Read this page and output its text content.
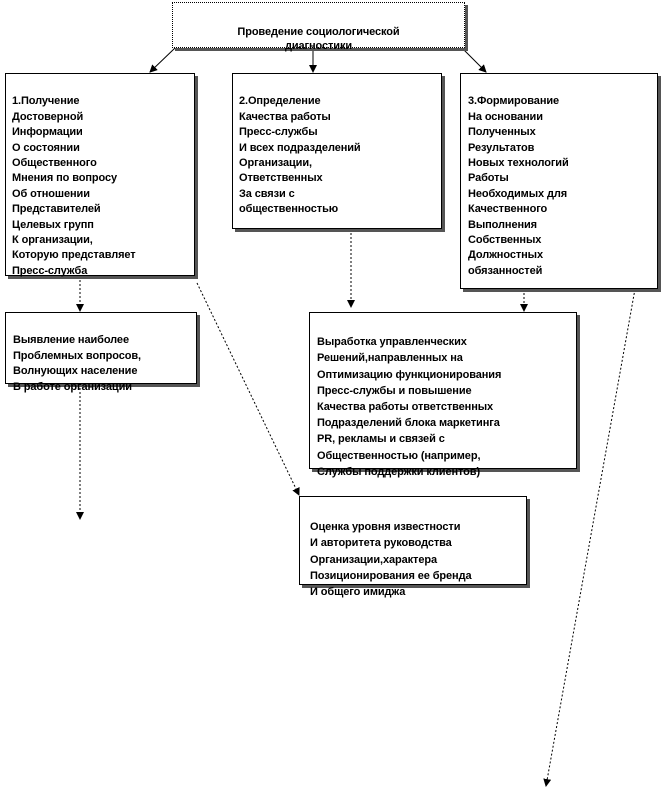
Проведение социологической
диагностики

1.Получение
Достоверной
Информации
О состоянии
Общественного
Мнения по вопросу
Об отношении
Представителей
Целевых групп
К организации,
Которую представляет
Пресс-служба

2.Определение
Качества работы
Пресс-службы
И всех подразделений
Организации,
Ответственных
За связи с
общественностью

3.Формирование
На основании
Полученных
Результатов
Новых технологий
Работы
Необходимых для
Качественного
Выполнения
Собственных
Должностных
обязанностей

Выявление наиболее
Проблемных вопросов,
Волнующих население
В работе организации

Выработка управленческих
Решений,направленных на
Оптимизацию функционирования
Пресс-службы и повышение
Качества работы ответственных
Подразделений блока маркетинга
PR, рекламы и связей с
Общественностью (например,
Службы поддержки клиентов)

Оценка уровня известности
И авторитета руководства
Организации,характера
Позиционирования ее бренда
И общего имиджа
